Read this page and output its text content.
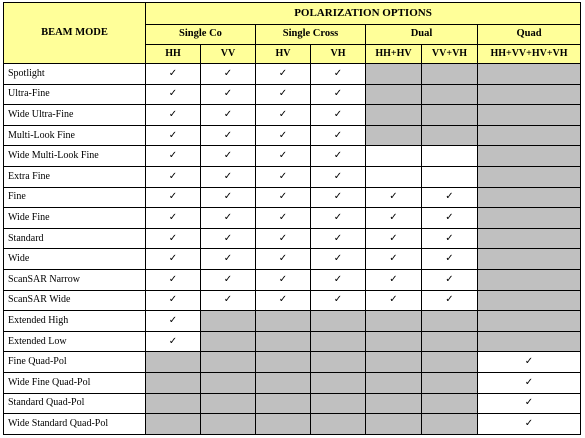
BEAM MODE	POLARIZATION OPTIONS						
	Single Co		Single Cross		Dual		Quad
	HH	VV	HV	VH	HH+HV	VV+VH	HH+VV+HV+VH
Spotlight	✓	✓	✓	✓			
Ultra-Fine	✓	✓	✓	✓			
Wide Ultra-Fine	✓	✓	✓	✓			
Multi-Look Fine	✓	✓	✓	✓			
Wide Multi-Look Fine	✓	✓	✓	✓			
Extra Fine	✓	✓	✓	✓			
Fine	✓	✓	✓	✓	✓	✓	
Wide Fine	✓	✓	✓	✓	✓	✓	
Standard	✓	✓	✓	✓	✓	✓	
Wide	✓	✓	✓	✓	✓	✓	
ScanSAR Narrow	✓	✓	✓	✓	✓	✓	
ScanSAR Wide	✓	✓	✓	✓	✓	✓	
Extended High	✓						
Extended Low	✓						
Fine Quad-Pol							✓
Wide Fine Quad-Pol							✓
Standard Quad-Pol							✓
Wide Standard Quad-Pol							✓
